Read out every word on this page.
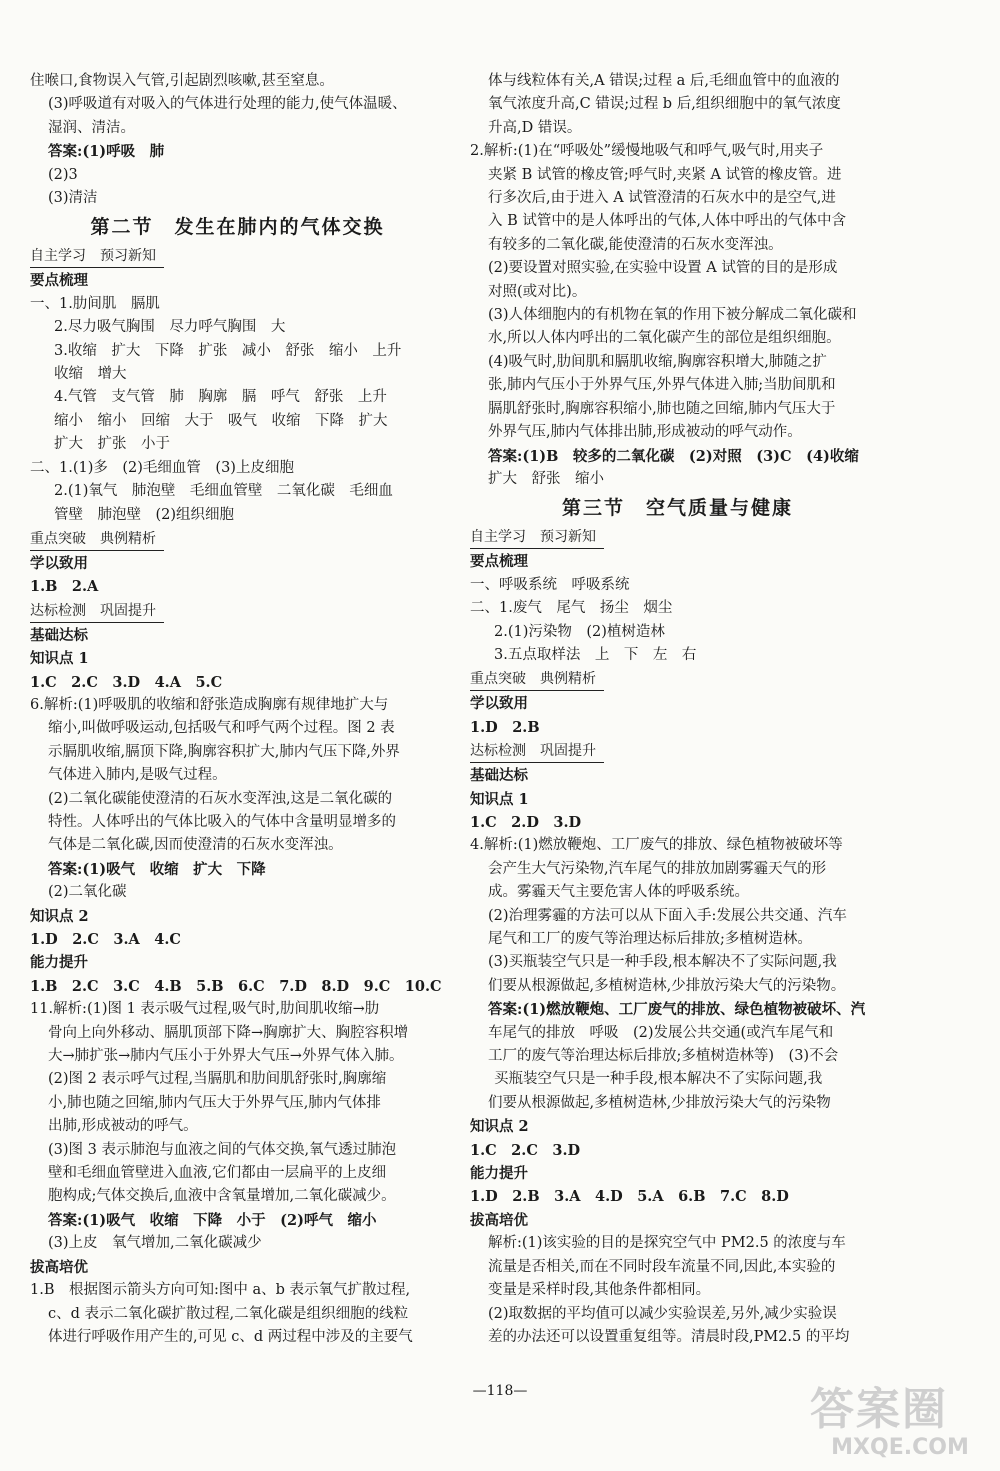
住喉口,食物误入气管,引起剧烈咳嗽,甚至窒息。
(3)呼吸道有对吸入的气体进行处理的能力,使气体温暖、
湿润、清洁。
答案:(1)呼吸　肺
(2)3
(3)清洁
第二节　发生在肺内的气体交换
自主学习　预习新知
要点梳理
一、1.肋间肌　膈肌
2.尽力吸气胸围　尽力呼气胸围　大
3.收缩　扩大　下降　扩张　减小　舒张　缩小　上升
收缩　增大
4.气管　支气管　肺　胸廓　膈　呼气　舒张　上升
缩小　缩小　回缩　大于　吸气　收缩　下降　扩大
扩大　扩张　小于
二、1.(1)多　(2)毛细血管　(3)上皮细胞
2.(1)氧气　肺泡壁　毛细血管壁　二氧化碳　毛细血
管壁　肺泡壁　(2)组织细胞
重点突破　典例精析
学以致用
1.B　2.A
达标检测　巩固提升
基础达标
知识点 1
1.C　2.C　3.D　4.A　5.C
6.解析:(1)呼吸肌的收缩和舒张造成胸廓有规律地扩大与
缩小,叫做呼吸运动,包括吸气和呼气两个过程。图 2 表
示膈肌收缩,膈顶下降,胸廓容积扩大,肺内气压下降,外界
气体进入肺内,是吸气过程。
(2)二氧化碳能使澄清的石灰水变浑浊,这是二氧化碳的
特性。人体呼出的气体比吸入的气体中含量明显增多的
气体是二氧化碳,因而使澄清的石灰水变浑浊。
答案:(1)吸气　收缩　扩大　下降
(2)二氧化碳
知识点 2
1.D　2.C　3.A　4.C
能力提升
1.B　2.C　3.C　4.B　5.B　6.C　7.D　8.D　9.C　10.C
11.解析:(1)图 1 表示吸气过程,吸气时,肋间肌收缩→肋
骨向上向外移动、膈肌顶部下降→胸廓扩大、胸腔容积增
大→肺扩张→肺内气压小于外界大气压→外界气体入肺。
(2)图 2 表示呼气过程,当膈肌和肋间肌舒张时,胸廓缩
小,肺也随之回缩,肺内气压大于外界气压,肺内气体排
出肺,形成被动的呼气。
(3)图 3 表示肺泡与血液之间的气体交换,氧气透过肺泡
壁和毛细血管壁进入血液,它们都由一层扁平的上皮细
胞构成;气体交换后,血液中含氧量增加,二氧化碳减少。
答案:(1)吸气　收缩　下降　小于　(2)呼气　缩小
(3)上皮　氧气增加,二氧化碳减少
拔高培优
1.B　根据图示箭头方向可知:图中 a、b 表示氧气扩散过程,
c、d 表示二氧化碳扩散过程,二氧化碳是组织细胞的线粒
体进行呼吸作用产生的,可见 c、d 两过程中涉及的主要气
体与线粒体有关,A 错误;过程 a 后,毛细血管中的血液的
氧气浓度升高,C 错误;过程 b 后,组织细胞中的氧气浓度
升高,D 错误。
2.解析:(1)在“呼吸处”缓慢地吸气和呼气,吸气时,用夹子
夹紧 B 试管的橡皮管;呼气时,夹紧 A 试管的橡皮管。进
行多次后,由于进入 A 试管澄清的石灰水中的是空气,进
入 B 试管中的是人体呼出的气体,人体中呼出的气体中含
有较多的二氧化碳,能使澄清的石灰水变浑浊。
(2)要设置对照实验,在实验中设置 A 试管的目的是形成
对照(或对比)。
(3)人体细胞内的有机物在氧的作用下被分解成二氧化碳和
水,所以人体内呼出的二氧化碳产生的部位是组织细胞。
(4)吸气时,肋间肌和膈肌收缩,胸廓容积增大,肺随之扩
张,肺内气压小于外界气压,外界气体进入肺;当肋间肌和
膈肌舒张时,胸廓容积缩小,肺也随之回缩,肺内气压大于
外界气压,肺内气体排出肺,形成被动的呼气动作。
答案:(1)B　较多的二氧化碳　(2)对照　(3)C　(4)收缩
扩大　舒张　缩小
第三节　空气质量与健康
自主学习　预习新知
要点梳理
一、呼吸系统　呼吸系统
二、1.废气　尾气　扬尘　烟尘
2.(1)污染物　(2)植树造林
3.五点取样法　上　下　左　右
重点突破　典例精析
学以致用
1.D　2.B
达标检测　巩固提升
基础达标
知识点 1
1.C　2.D　3.D
4.解析:(1)燃放鞭炮、工厂废气的排放、绿色植物被破坏等
会产生大气污染物,汽车尾气的排放加剧雾霾天气的形
成。雾霾天气主要危害人体的呼吸系统。
(2)治理雾霾的方法可以从下面入手:发展公共交通、汽车
尾气和工厂的废气等治理达标后排放;多植树造林。
(3)买瓶装空气只是一种手段,根本解决不了实际问题,我
们要从根源做起,多植树造林,少排放污染大气的污染物。
答案:(1)燃放鞭炮、工厂废气的排放、绿色植物被破坏、汽
车尾气的排放　呼吸　(2)发展公共交通(或汽车尾气和
工厂的废气等治理达标后排放;多植树造林等)　(3)不会
买瓶装空气只是一种手段,根本解决不了实际问题,我
们要从根源做起,多植树造林,少排放污染大气的污染物
知识点 2
1.C　2.C　3.D
能力提升
1.D　2.B　3.A　4.D　5.A　6.B　7.C　8.D
拔高培优
解析:(1)该实验的目的是探究空气中 PM2.5 的浓度与车
流量是否相关,而在不同时段车流量不同,因此,本实验的
变量是采样时段,其他条件都相同。
(2)取数据的平均值可以减少实验误差,另外,减少实验误
差的办法还可以设置重复组等。清晨时段,PM2.5 的平均
—118—	答案圈
MXQE.COM
